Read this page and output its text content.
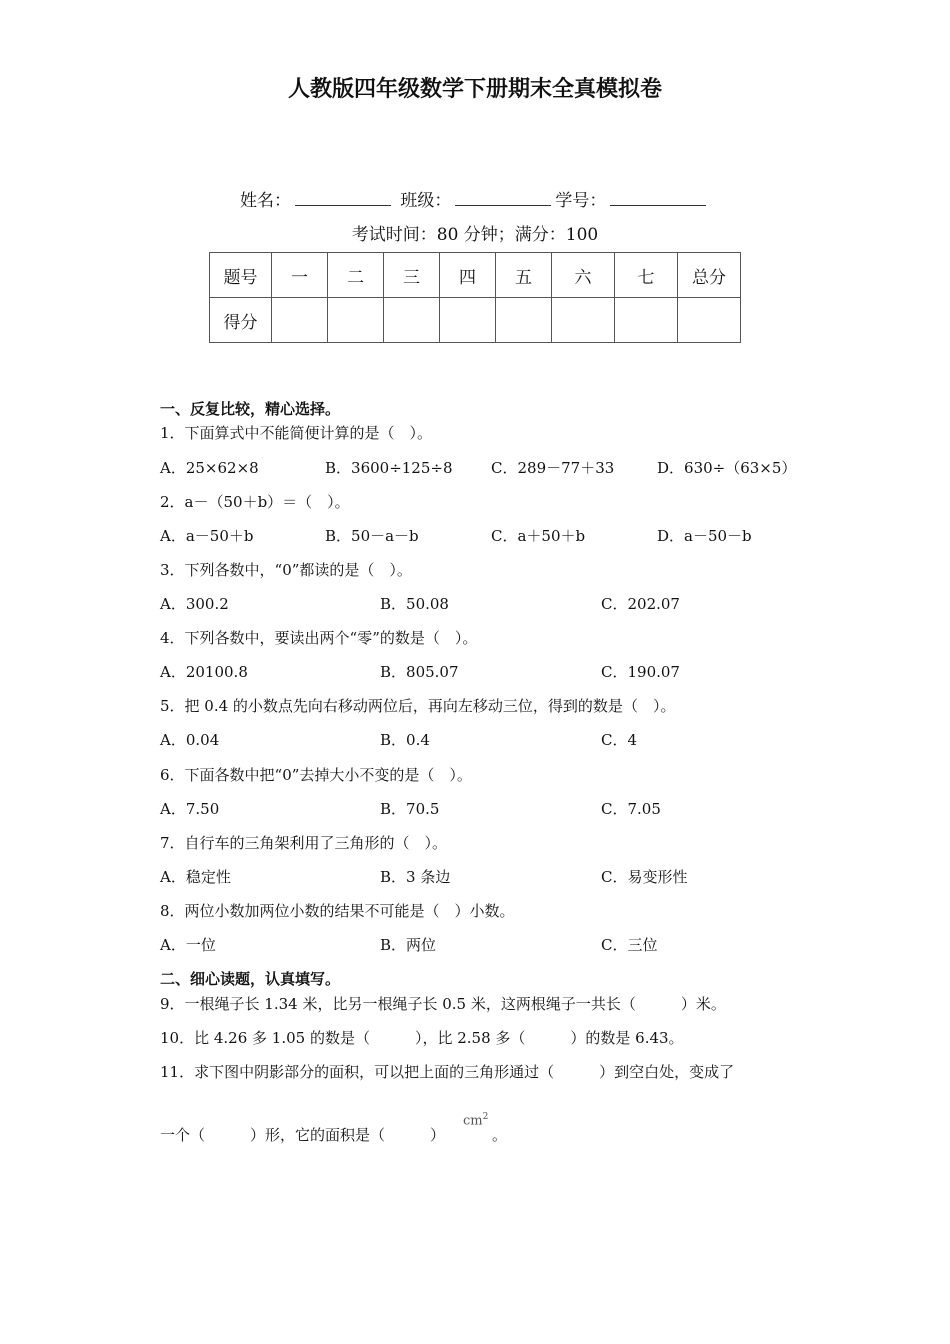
人教版四年级数学下册期末全真模拟卷
姓名：	班级：	学号：
考试时间：80 分钟；满分：100
题号	一	二	三	四	五	六	七	总分
得分								
一、反复比较，精心选择。
1．下面算式中不能简便计算的是（　）。
A．25×62×8	B．3600÷125÷8	C．289－77＋33	D．630÷（63×5）
2．a－（50＋b）＝（　）。
A．a－50＋b	B．50－a－b	C．a＋50＋b	D．a－50－b
3．下列各数中，“0”都读的是（　）。
A．300.2	B．50.08	C．202.07
4．下列各数中，要读出两个“零”的数是（　）。
A．20100.8	B．805.07	C．190.07
5．把 0.4 的小数点先向右移动两位后，再向左移动三位，得到的数是（　）。
A．0.04	B．0.4	C．4
6．下面各数中把“0”去掉大小不变的是（　）。
A．7.50	B．70.5	C．7.05
7．自行车的三角架利用了三角形的（　）。
A．稳定性	B．3 条边	C．易变形性
8．两位小数加两位小数的结果不可能是（　）小数。
A．一位	B．两位	C．三位
二、细心读题，认真填写。
9．一根绳子长 1.34 米，比另一根绳子长 0.5 米，这两根绳子一共长（　　　）米。
10．比 4.26 多 1.05 的数是（　　　），比 2.58 多（　　　）的数是 6.43。
11．求下图中阴影部分的面积，可以把上面的三角形通过（　　　）到空白处，变成了
一个（　　　）形，它的面积是（　　　）
$cm^2$
。
